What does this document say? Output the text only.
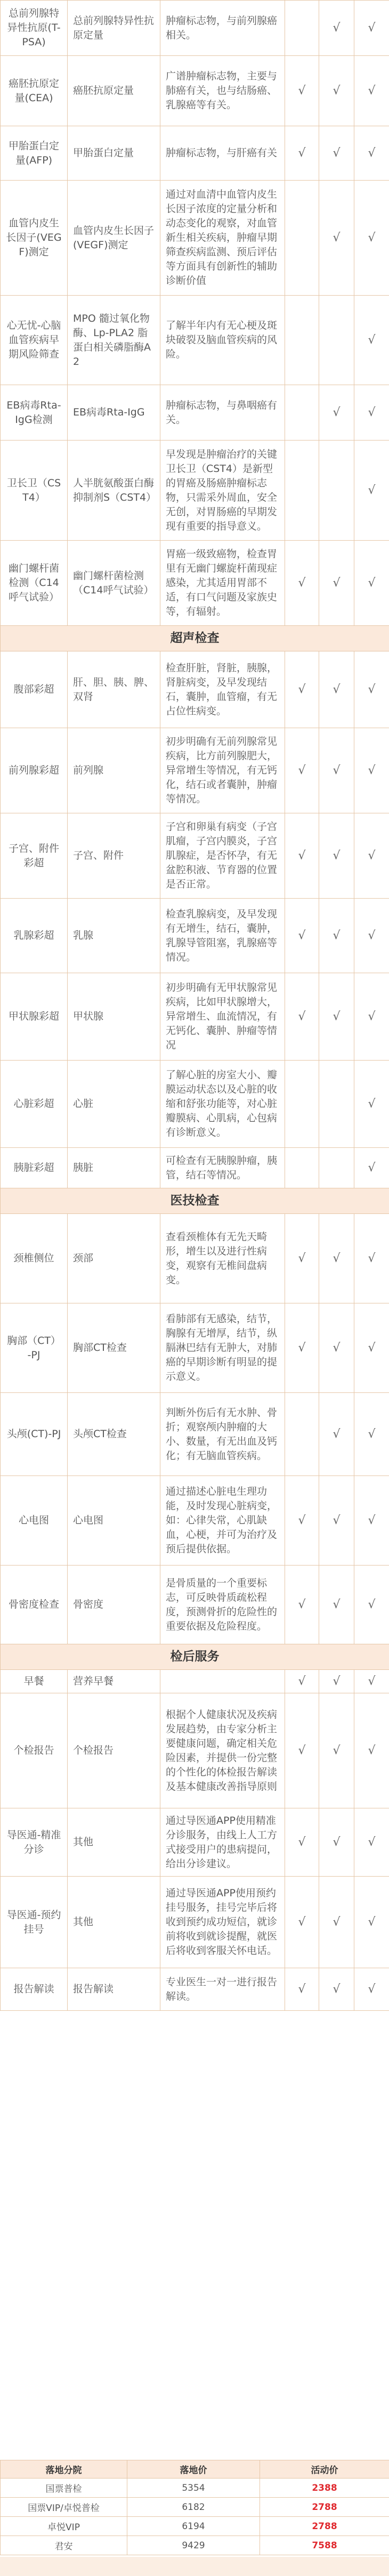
总前列腺特异性抗原(T-PSA)	总前列腺特异性抗原定量	肿瘤标志物，与前列腺癌相关。		√	√
癌胚抗原定量(CEA)	癌胚抗原定量	广谱肿瘤标志物，主要与肺癌有关，也与结肠癌、乳腺癌等有关。	√	√	√
甲胎蛋白定量(AFP)	甲胎蛋白定量	肿瘤标志物，与肝癌有关	√	√	√
血管内皮生长因子(VEGF)测定	血管内皮生长因子(VEGF)测定	通过对血清中血管内皮生长因子浓度的定量分析和动态变化的观察，对血管新生相关疾病，肿瘤早期筛查疾病监测、预后评估等方面具有创新性的辅助诊断价值		√	√
心无忧-心脑血管疾病早期风险筛查	MPO 髓过氧化物酶、Lp-PLA2 脂蛋白相关磷脂酶A2	了解半年内有无心梗及斑块破裂及脑血管疾病的风险。			√
EB病毒Rta-IgG检测	EB病毒Rta-IgG	肿瘤标志物，与鼻咽癌有关。		√	√
卫长卫（CST4）	人半胱氨酸蛋白酶抑制剂S（CST4）	早发现是肿瘤治疗的关键卫长卫（CST4）是新型的胃癌及肠癌肿瘤标志物，只需采外周血，安全无创，对胃肠癌的早期发现有重要的指导意义。			√
幽门螺杆菌检测（C14呼气试验）	幽门螺杆菌检测（C14呼气试验）	胃癌一级致癌物，检查胃里有无幽门螺旋杆菌现症感染，尤其适用胃部不适，有口气问题及家族史等，有辐射。	√	√	√
超声检查					
腹部彩超	肝、胆、胰、脾、双肾	检查肝脏，肾脏，胰腺，肾脏病变，及早发现结石，囊肿，血管瘤，有无占位性病变。	√	√	√
前列腺彩超	前列腺	初步明确有无前列腺常见疾病，比方前列腺肥大，异常增生等情况，有无钙化，结石或者囊肿，肿瘤等情况。	√	√	√
子宫、附件彩超	子宫、附件	子宫和卵巢有病变（子宫肌瘤，子宫内膜炎，子宫肌腺症，是否怀孕，有无盆腔积液、节育器的位置是否正常。	√	√	√
乳腺彩超	乳腺	检查乳腺病变，及早发现有无增生，结石，囊肿，乳腺导管阻塞，乳腺癌等情况。	√	√	√
甲状腺彩超	甲状腺	初步明确有无甲状腺常见疾病，比如甲状腺增大，异常增生、血流情况，有无钙化、囊肿、肿瘤等情况	√	√	√
心脏彩超	心脏	了解心脏的房室大小、瓣膜运动状态以及心脏的收缩和舒张功能等，对心脏瓣膜病、心肌病，心包病有诊断意义。			√
胰脏彩超	胰脏	可检查有无胰腺肿瘤，胰管，结石等情况。			√
医技检查					
颈椎侧位	颈部	查看颈椎体有无先天畸形，增生以及进行性病变，观察有无椎间盘病变。	√	√	√
胸部（CT）-PJ	胸部CT检查	看肺部有无感染，结节，胸腺有无增厚，结节，纵膈淋巴结有无肿大，对肺癌的早期诊断有明显的提示意义。	√	√	√
头颅(CT)-PJ	头颅CT检查	判断外伤后有无水肿、骨折；观察颅内肿瘤的大小、数量，有无出血及钙化；有无脑血管疾病。		√	√
心电图	心电图	通过描述心脏电生理功能，及时发现心脏病变，如：心律失常，心肌缺血，心梗，并可为治疗及预后提供依据。	√	√	√
骨密度检查	骨密度	是骨质量的一个重要标志，可反映骨质疏松程度，预测骨折的危险性的重要依据及危险程度。	√	√	√
检后服务					
早餐	营养早餐		√	√	√
个检报告	个检报告	根据个人健康状况及疾病发展趋势，由专家分析主要健康问题，确定相关危险因素，并提供一份完整的个性化的体检报告解读及基本健康改善指导原则	√	√	√
导医通-精准分诊	其他	通过导医通APP使用精准分诊服务，由线上人工方式接受用户的患病提问，给出分诊建议。	√	√	√
导医通-预约挂号	其他	通过导医通APP使用预约挂号服务，挂号完毕后将收到预约成功短信，就诊前将收到就诊提醒，就医后将收到客服关怀电话。	√	√	√
报告解读	报告解读	专业医生一对一进行报告解读。	√	√	√
落地分院	落地价	活动价
国票普检	5354	2388
国票VIP/卓悦普检	6182	2788
卓悦VIP	6194	2788
君安	9429	7588
